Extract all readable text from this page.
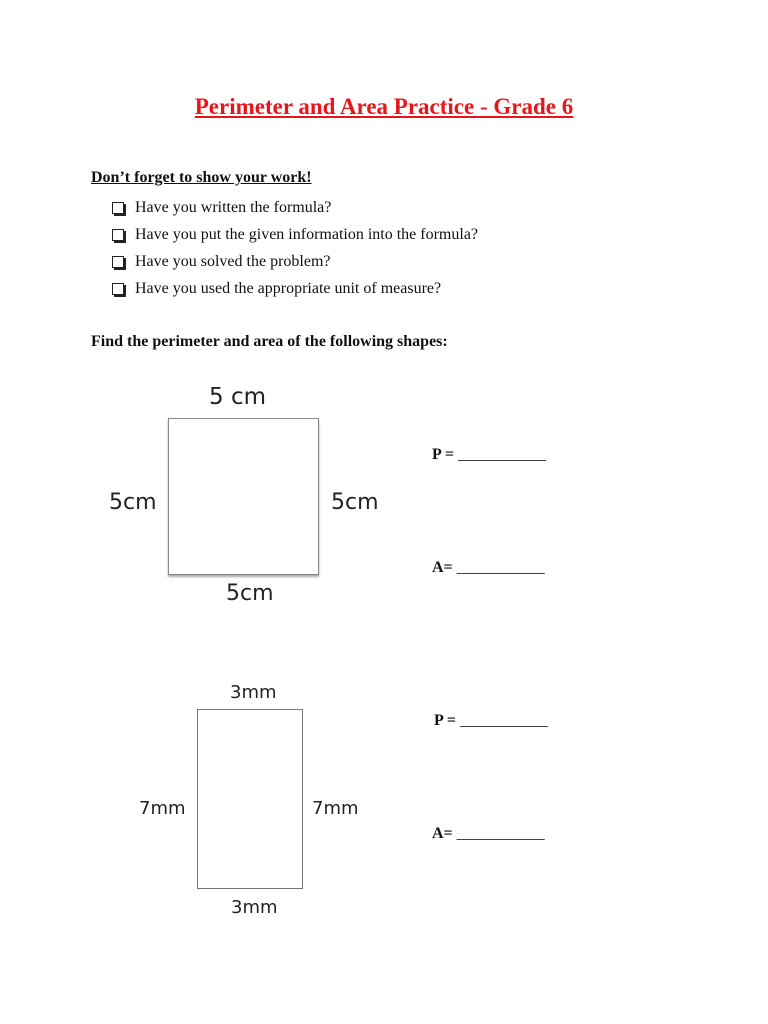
Perimeter and Area Practice - Grade 6
Don’t forget to show your work!
Have you written the formula?
Have you put the given information into the formula?
Have you solved the problem?
Have you used the appropriate unit of measure?
Find the perimeter and area of the following shapes:
5 cm
5cm	5cm
5cm
P = ___________
A= ___________
3mm
7mm	7mm
3mm
P = ___________
A= ___________
